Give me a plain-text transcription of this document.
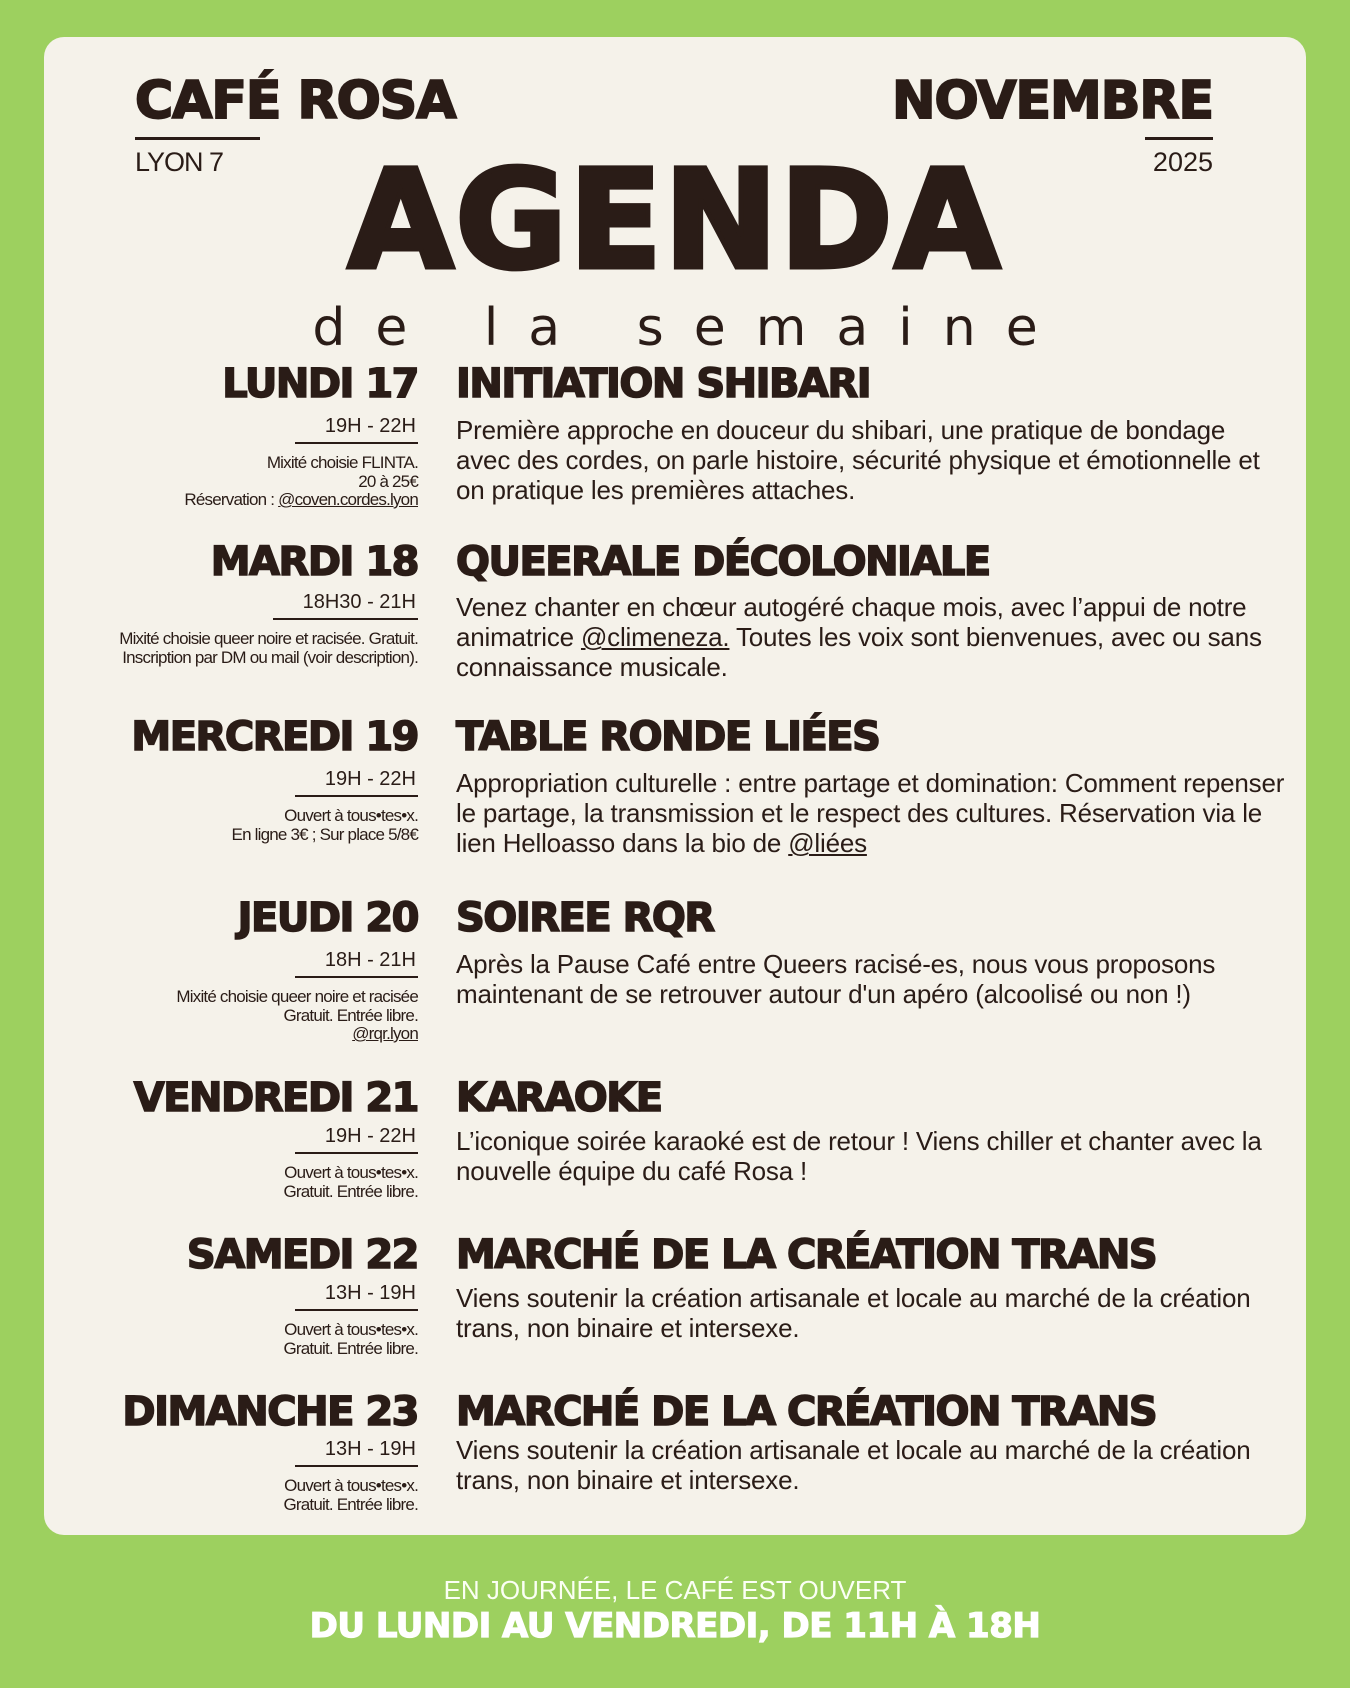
CAFÉ ROSA
LYON 7
NOVEMBRE
2025
AGENDA
de la semaine
LUNDI 17
19H - 22H
Mixité choisie FLINTA.
20 à 25€
Réservation : @coven.cordes.lyon
INITIATION SHIBARI
Première approche en douceur du shibari, une pratique de bondage avec des cordes, on parle histoire, sécurité physique et émotionnelle et on pratique les premières attaches.
MARDI 18
18H30 - 21H
Mixité choisie queer noire et racisée. Gratuit. Inscription par DM ou mail (voir description).
QUEERALE DÉCOLONIALE
Venez chanter en chœur autogéré chaque mois, avec l’appui de notre animatrice @climeneza. Toutes les voix sont bienvenues, avec ou sans connaissance musicale.
MERCREDI 19
19H - 22H
Ouvert à tous•tes•x.
En ligne 3€ ; Sur place 5/8€
TABLE RONDE LIÉES
Appropriation culturelle : entre partage et domination: Comment repenser le partage, la transmission et le respect des cultures. Réservation via le lien Helloasso dans la bio de @liées
JEUDI 20
18H - 21H
Mixité choisie queer noire et racisée
Gratuit. Entrée libre.
@rqr.lyon
SOIREE RQR
Après la Pause Café entre Queers racisé-es, nous vous proposons maintenant de se retrouver autour d'un apéro (alcoolisé ou non !)
VENDREDI 21
19H - 22H
Ouvert à tous•tes•x.
Gratuit. Entrée libre.
KARAOKE
L’iconique soirée karaoké est de retour ! Viens chiller et chanter avec la nouvelle équipe du café Rosa !
SAMEDI 22
13H - 19H
Ouvert à tous•tes•x.
Gratuit. Entrée libre.
MARCHÉ DE LA CRÉATION TRANS
Viens soutenir la création artisanale et locale au marché de la création trans, non binaire et intersexe.
DIMANCHE 23
13H - 19H
Ouvert à tous•tes•x.
Gratuit. Entrée libre.
MARCHÉ DE LA CRÉATION TRANS
Viens soutenir la création artisanale et locale au marché de la création trans, non binaire et intersexe.
EN JOURNÉE, LE CAFÉ EST OUVERT
DU LUNDI AU VENDREDI, DE 11H À 18H
